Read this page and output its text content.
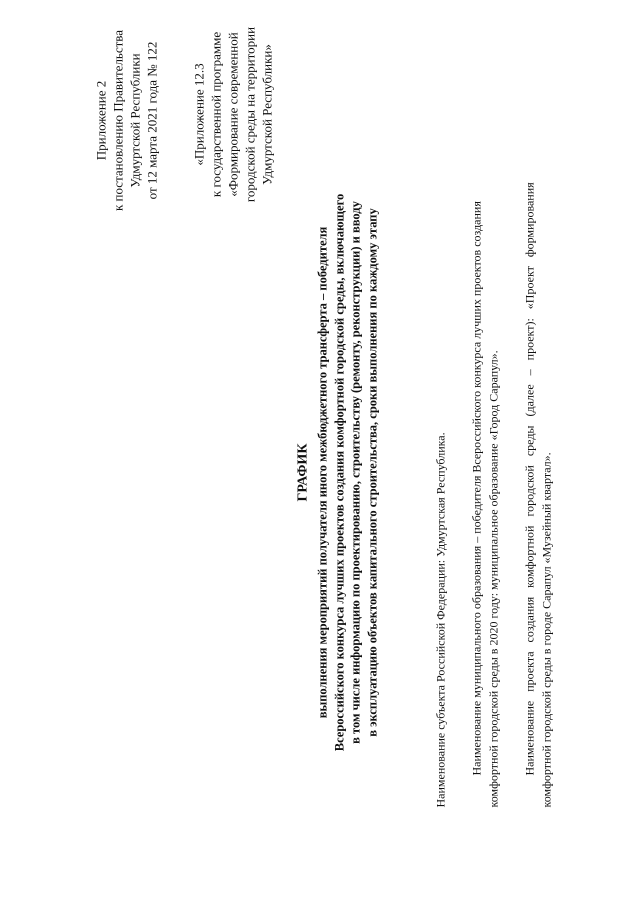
Приложение 2 к постановлению Правительства Удмуртской Республики от 12 марта 2021 года № 122 «Приложение 12.3 к государственной программе «Формирование современной городской среды на территории Удмуртской Республики»
ГРАФИК выполнения мероприятий получателя иного межбюджетного трансферта – победителя Всероссийского конкурса лучших проектов создания комфортной городской среды, включающего в том числе информацию по проектированию, строительству (ремонту, реконструкции) и вводу в эксплуатацию объектов капитального строительства, сроки выполнения по каждому этапу	Наименование субъекта Российской Федерации: Удмуртская Республика. Наименование муниципального образования – победителя Всероссийского конкурса лучших проектов создания комфортной городской среды в 2020 году: муниципальное образование «Город Сарапул». Наименование проекта создания комфортной городской среды (далее – проект): «Проект формирования комфортной городской среды в городе Сарапул «Музейный квартал».
